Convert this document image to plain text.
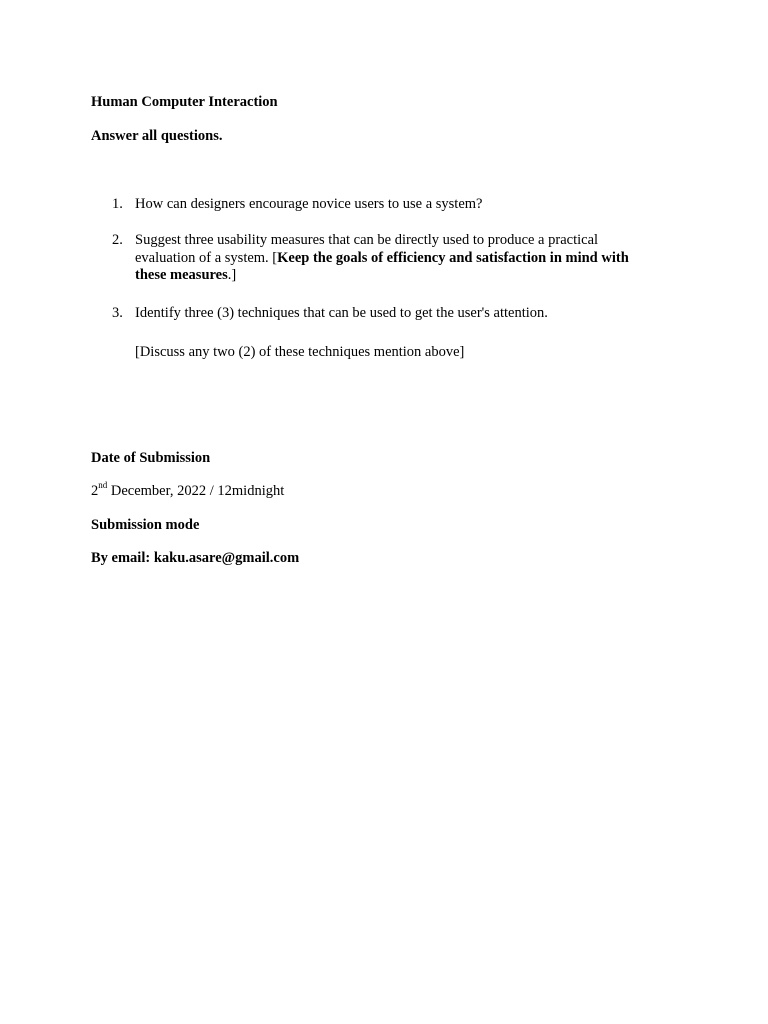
Human Computer Interaction
Answer all questions.
1. How can designers encourage novice users to use a system?
2. Suggest three usability measures that can be directly used to produce a practical evaluation of a system. [Keep the goals of efficiency and satisfaction in mind with these measures.]
3. Identify three (3) techniques that can be used to get the user's attention.
[Discuss any two (2) of these techniques mention above]
Date of Submission
2nd December, 2022 / 12midnight
Submission mode
By email: kaku.asare@gmail.com
